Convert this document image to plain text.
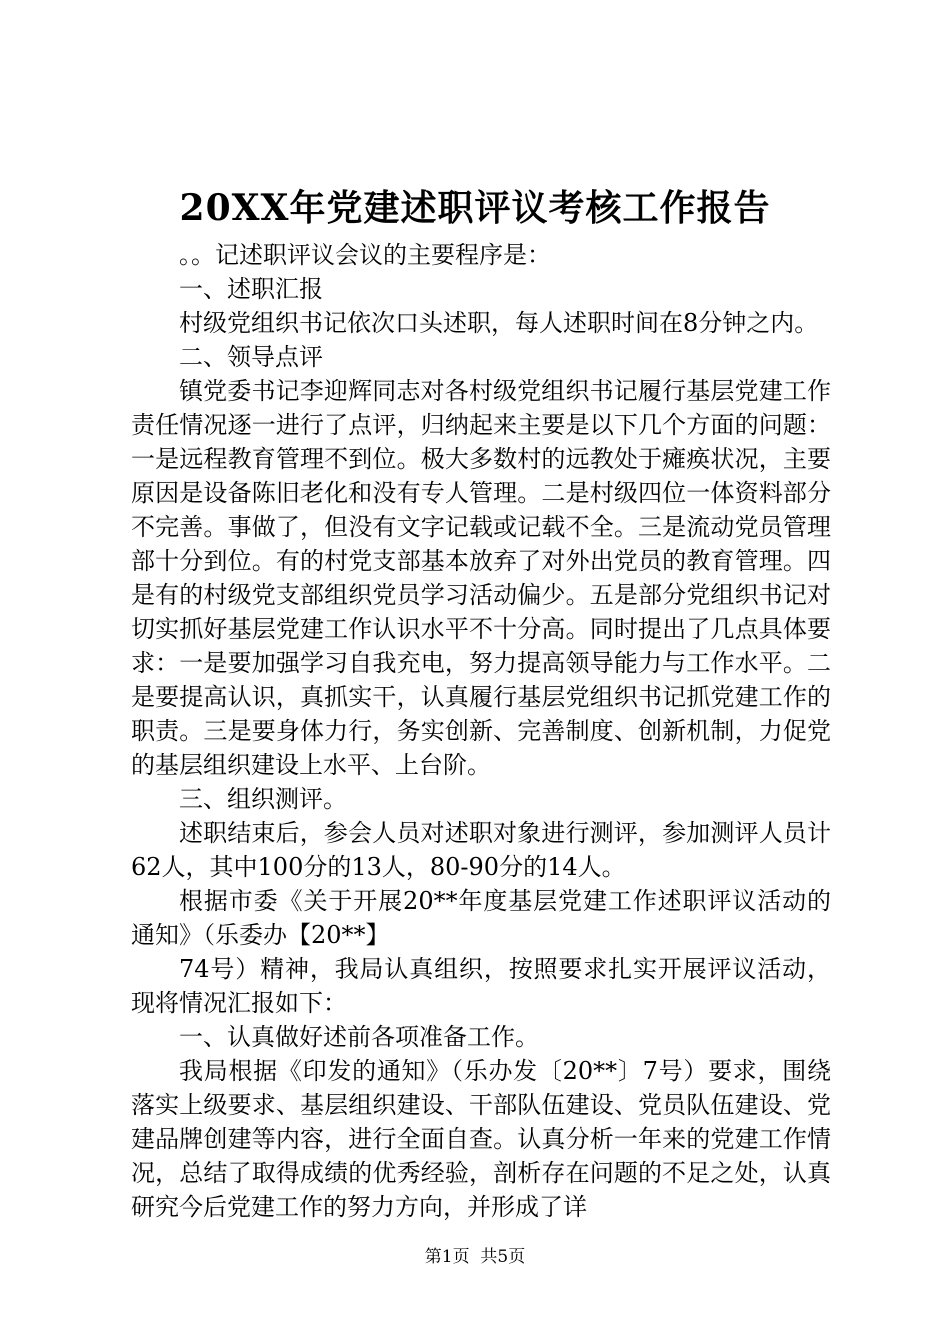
20XX年党建述职评议考核工作报告

。。记述职评议会议的主要程序是：

一、述职汇报

村级党组织书记依次口头述职，每人述职时间在8分钟之内。

二、领导点评

镇党委书记李迎辉同志对各村级党组织书记履行基层党建工作责任情况逐一进行了点评，归纳起来主要是以下几个方面的问题：一是远程教育管理不到位。极大多数村的远教处于瘫痪状况，主要原因是设备陈旧老化和没有专人管理。二是村级四位一体资料部分不完善。事做了，但没有文字记载或记载不全。三是流动党员管理部十分到位。有的村党支部基本放弃了对外出党员的教育管理。四是有的村级党支部组织党员学习活动偏少。五是部分党组织书记对切实抓好基层党建工作认识水平不十分高。同时提出了几点具体要求：一是要加强学习自我充电，努力提高领导能力与工作水平。二是要提高认识，真抓实干，认真履行基层党组织书记抓党建工作的职责。三是要身体力行，务实创新、完善制度、创新机制，力促党的基层组织建设上水平、上台阶。

三、组织测评。

述职结束后，参会人员对述职对象进行测评，参加测评人员计62人，其中100分的13人，80-90分的14人。

根据市委《关于开展20**年度基层党建工作述职评议活动的通知》（乐委办【20**】

74号）精神，我局认真组织，按照要求扎实开展评议活动，现将情况汇报如下：

一、认真做好述前各项准备工作。

我局根据《印发的通知》（乐办发〔20**〕7号）要求，围绕落实上级要求、基层组织建设、干部队伍建设、党员队伍建设、党建品牌创建等内容，进行全面自查。认真分析一年来的党建工作情况，总结了取得成绩的优秀经验，剖析存在问题的不足之处，认真研究今后党建工作的努力方向，并形成了详

第1页 共5页
